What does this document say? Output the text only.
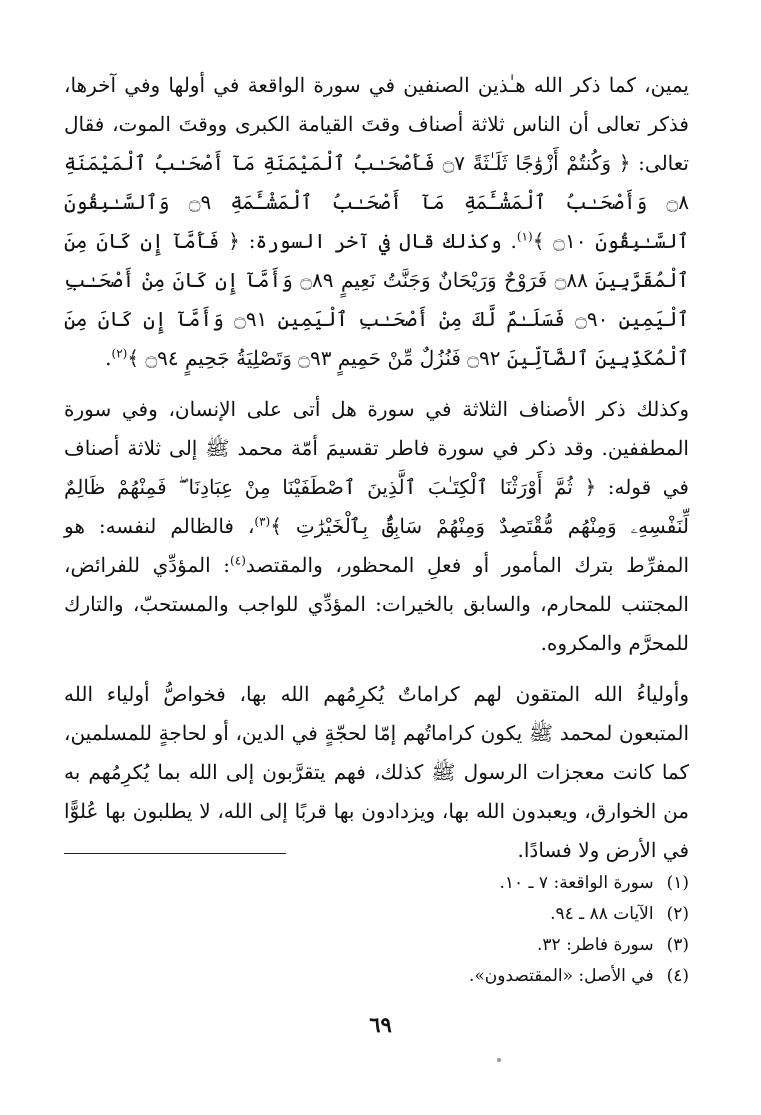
يمين، كما ذكر الله هـٰذين الصنفين في سورة الواقعة في أولها وفي آخرها، فذكر تعالى أن الناس ثلاثة أصناف وقتَ القيامة الكبرى ووقتَ الموت، فقال تعالى: ﴿ وَكُنتُمْ أَزْوَٰجًا ثَلَـٰثَةً ۝٧ فَأَصْحَـٰبُ ٱلْمَيْمَنَةِ مَآ أَصْحَـٰبُ ٱلْمَيْمَنَةِ ۝٨ وَأَصْحَـٰبُ ٱلْمَشْـَٔمَةِ مَآ أَصْحَـٰبُ ٱلْمَشْـَٔمَةِ ۝٩ وَٱلسَّـٰبِقُونَ ٱلسَّـٰبِقُونَ ۝١٠ ﴾$^{(١)}$. وكذلك قال في آخر السورة: ﴿ فَأَمَّآ إِن كَانَ مِنَ ٱلْمُقَرَّبِينَ ۝٨٨ فَرَوْحٌ وَرَيْحَانٌ وَجَنَّتُ نَعِيمٍ ۝٨٩ وَأَمَّآ إِن كَانَ مِنْ أَصْحَـٰبِ ٱلْيَمِينِ ۝٩٠ فَسَلَـٰمٌ لَّكَ مِنْ أَصْحَـٰبِ ٱلْيَمِينِ ۝٩١ وَأَمَّآ إِن كَانَ مِنَ ٱلْمُكَذِّبِينَ ٱلضَّآلِّينَ ۝٩٢ فَنُزُلٌ مِّنْ حَمِيمٍ ۝٩٣ وَتَصْلِيَةُ جَحِيمٍ ۝٩٤ ﴾$^{(٢)}$.

وكذلك ذكر الأصناف الثلاثة في سورة هل أتى على الإنسان، وفي سورة المطففين. وقد ذكر في سورة فاطر تقسيمَ أمّة محمد ﷺ إلى ثلاثة أصناف في قوله: ﴿ ثُمَّ أَوْرَثْنَا ٱلْكِتَـٰبَ ٱلَّذِينَ ٱصْطَفَيْنَا مِنْ عِبَادِنَا ۖ فَمِنْهُمْ ظَالِمٌ لِّنَفْسِهِۦ وَمِنْهُم مُّقْتَصِدٌ وَمِنْهُمْ سَابِقٌۢ بِٱلْخَيْرَٰتِ ﴾$^{(٣)}$، فالظالم لنفسه: هو المفرِّط بترك المأمور أو فعلِ المحظور، والمقتصد$^{(٤)}$: المؤدِّي للفرائض، المجتنب للمحارم، والسابق بالخيرات: المؤدِّي للواجب والمستحبّ، والتارك للمحرَّم والمكروه.

وأولياءُ الله المتقون لهم كراماتٌ يُكرِمُهم الله بها، فخواصُّ أولياء الله المتبعون لمحمد ﷺ يكون كراماتُهم إمّا لحجّةٍ في الدين، أو لحاجةٍ للمسلمين، كما كانت معجزات الرسول ﷺ كذلك، فهم يتقرَّبون إلى الله بما يُكرِمُهم به من الخوارق، ويعبدون الله بها، ويزدادون بها قربًا إلى الله، لا يطلبون بها عُلوًّا في الأرض ولا فسادًا.

(١) سورة الواقعة: ٧ ـ ١٠.
(٢) الآيات ٨٨ ـ ٩٤.
(٣) سورة فاطر: ٣٢.
(٤) في الأصل: «المقتصدون».
٦٩
